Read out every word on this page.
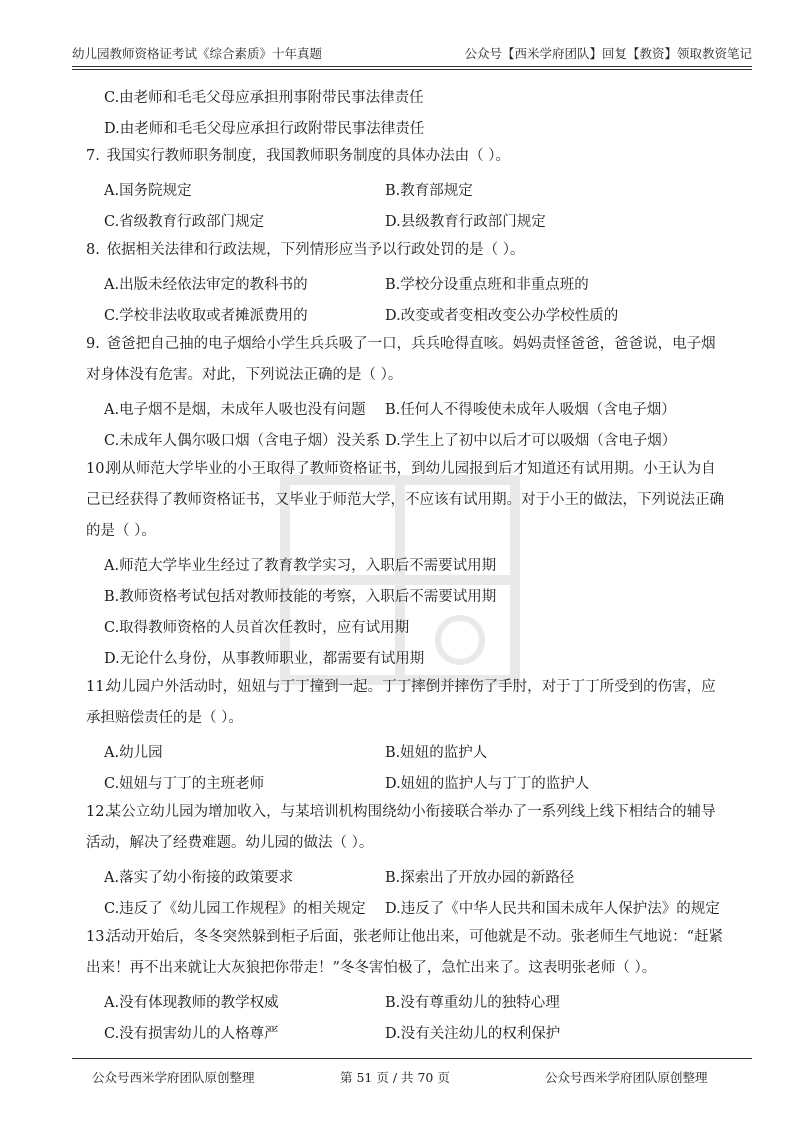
幼儿园教师资格证考试《综合素质》十年真题	公众号【西米学府团队】回复【教资】领取教资笔记
C.由老师和毛毛父母应承担刑事附带民事法律责任
D.由老师和毛毛父母应承担行政附带民事法律责任
7. 我国实行教师职务制度，我国教师职务制度的具体办法由（ ）。
A.国务院规定	B.教育部规定
C.省级教育行政部门规定	D.县级教育行政部门规定
8. 依据相关法律和行政法规，下列情形应当予以行政处罚的是（ ）。
A.出版未经依法审定的教科书的	B.学校分设重点班和非重点班的
C.学校非法收取或者摊派费用的	D.改变或者变相改变公办学校性质的
9. 爸爸把自己抽的电子烟给小学生兵兵吸了一口，兵兵呛得直咳。妈妈责怪爸爸，爸爸说，电子烟对身体没有危害。对此，下列说法正确的是（ ）。
A.电子烟不是烟，未成年人吸也没有问题 B.任何人不得唆使未成年人吸烟（含电子烟）
C.未成年人偶尔吸口烟（含电子烟）没关系 D.学生上了初中以后才可以吸烟（含电子烟）
10. 刚从师范大学毕业的小王取得了教师资格证书，到幼儿园报到后才知道还有试用期。小王认为自己已经获得了教师资格证书，又毕业于师范大学，不应该有试用期。对于小王的做法，下列说法正确的是（ ）。
A.师范大学毕业生经过了教育教学实习，入职后不需要试用期
B.教师资格考试包括对教师技能的考察，入职后不需要试用期
C.取得教师资格的人员首次任教时，应有试用期
D.无论什么身份，从事教师职业，都需要有试用期
11. 幼儿园户外活动时，妞妞与丁丁撞到一起。丁丁摔倒并摔伤了手肘，对于丁丁所受到的伤害，应承担赔偿责任的是（ ）。
A.幼儿园	B.妞妞的监护人
C.妞妞与丁丁的主班老师	D.妞妞的监护人与丁丁的监护人
12. 某公立幼儿园为增加收入，与某培训机构围绕幼小衔接联合举办了一系列线上线下相结合的辅导活动，解决了经费难题。幼儿园的做法（ ）。
A.落实了幼小衔接的政策要求	B.探索出了开放办园的新路径
C.违反了《幼儿园工作规程》的相关规定 D.违反了《中华人民共和国未成年人保护法》的规定
13. 活动开始后，冬冬突然躲到柜子后面，张老师让他出来，可他就是不动。张老师生气地说：“赶紧出来！再不出来就让大灰狼把你带走！”冬冬害怕极了，急忙出来了。这表明张老师（ ）。
A.没有体现教师的教学权威	B.没有尊重幼儿的独特心理
C.没有损害幼儿的人格尊严	D.没有关注幼儿的权利保护
公众号西米学府团队原创整理	第 51 页 / 共 70 页	公众号西米学府团队原创整理
